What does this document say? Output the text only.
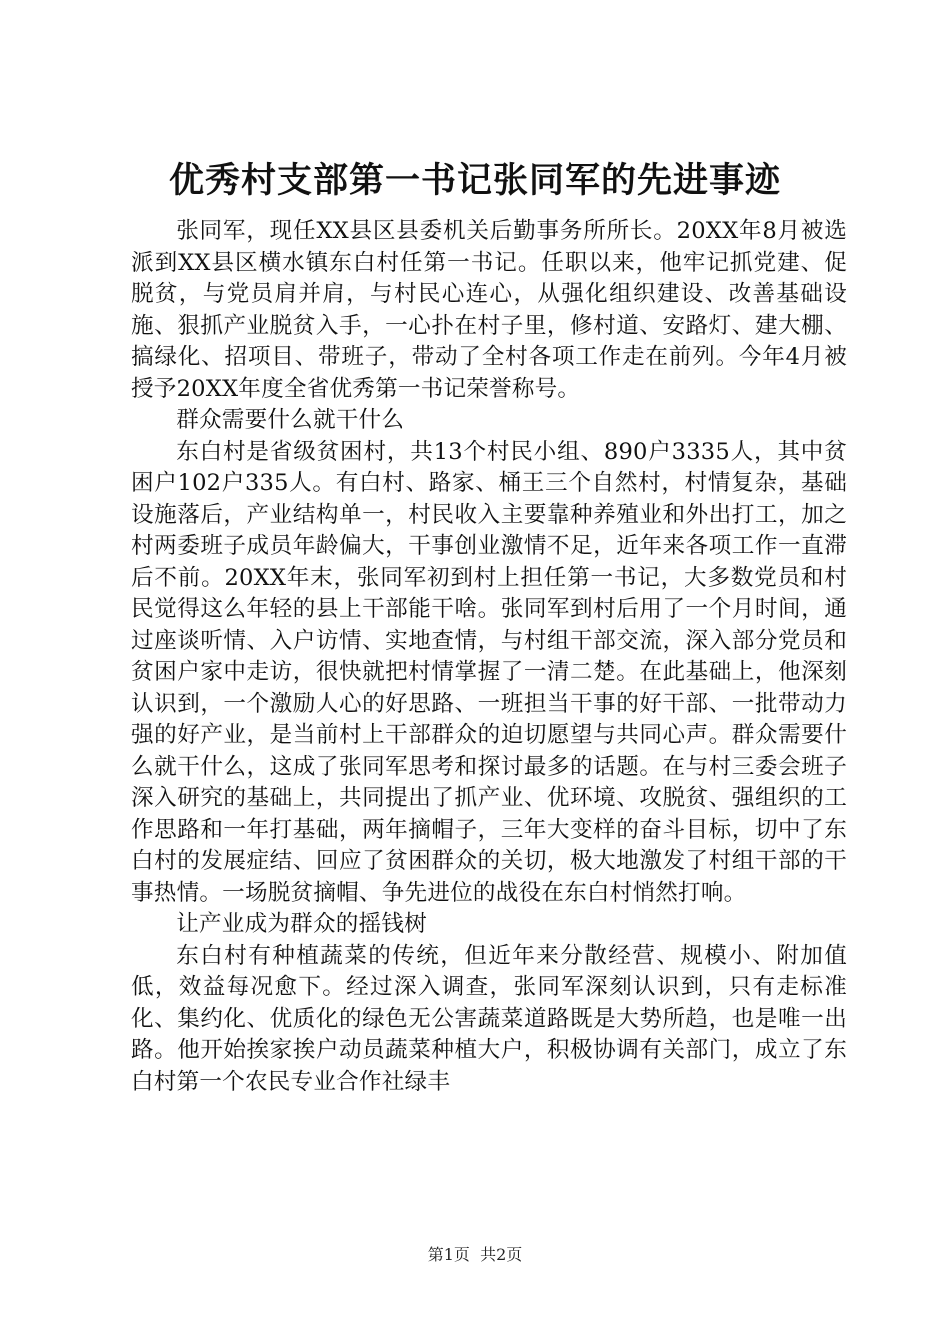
优秀村支部第一书记张同军的先进事迹

张同军，现任XX县区县委机关后勤事务所所长。20XX年8月被选派到XX县区横水镇东白村任第一书记。任职以来，他牢记抓党建、促脱贫，与党员肩并肩，与村民心连心，从强化组织建设、改善基础设施、狠抓产业脱贫入手，一心扑在村子里，修村道、安路灯、建大棚、搞绿化、招项目、带班子，带动了全村各项工作走在前列。今年4月被授予20XX年度全省优秀第一书记荣誉称号。

群众需要什么就干什么

东白村是省级贫困村，共13个村民小组、890户3335人，其中贫困户102户335人。有白村、路家、桶王三个自然村，村情复杂，基础设施落后，产业结构单一，村民收入主要靠种养殖业和外出打工，加之村两委班子成员年龄偏大，干事创业激情不足，近年来各项工作一直滞后不前。20XX年末，张同军初到村上担任第一书记，大多数党员和村民觉得这么年轻的县上干部能干啥。张同军到村后用了一个月时间，通过座谈听情、入户访情、实地查情，与村组干部交流，深入部分党员和贫困户家中走访，很快就把村情掌握了一清二楚。在此基础上，他深刻认识到，一个激励人心的好思路、一班担当干事的好干部、一批带动力强的好产业，是当前村上干部群众的迫切愿望与共同心声。群众需要什么就干什么，这成了张同军思考和探讨最多的话题。在与村三委会班子深入研究的基础上，共同提出了抓产业、优环境、攻脱贫、强组织的工作思路和一年打基础，两年摘帽子，三年大变样的奋斗目标，切中了东白村的发展症结、回应了贫困群众的关切，极大地激发了村组干部的干事热情。一场脱贫摘帽、争先进位的战役在东白村悄然打响。

让产业成为群众的摇钱树

东白村有种植蔬菜的传统，但近年来分散经营、规模小、附加值低，效益每况愈下。经过深入调查，张同军深刻认识到，只有走标准化、集约化、优质化的绿色无公害蔬菜道路既是大势所趋，也是唯一出路。他开始挨家挨户动员蔬菜种植大户，积极协调有关部门，成立了东白村第一个农民专业合作社绿丰

第1页 共2页
